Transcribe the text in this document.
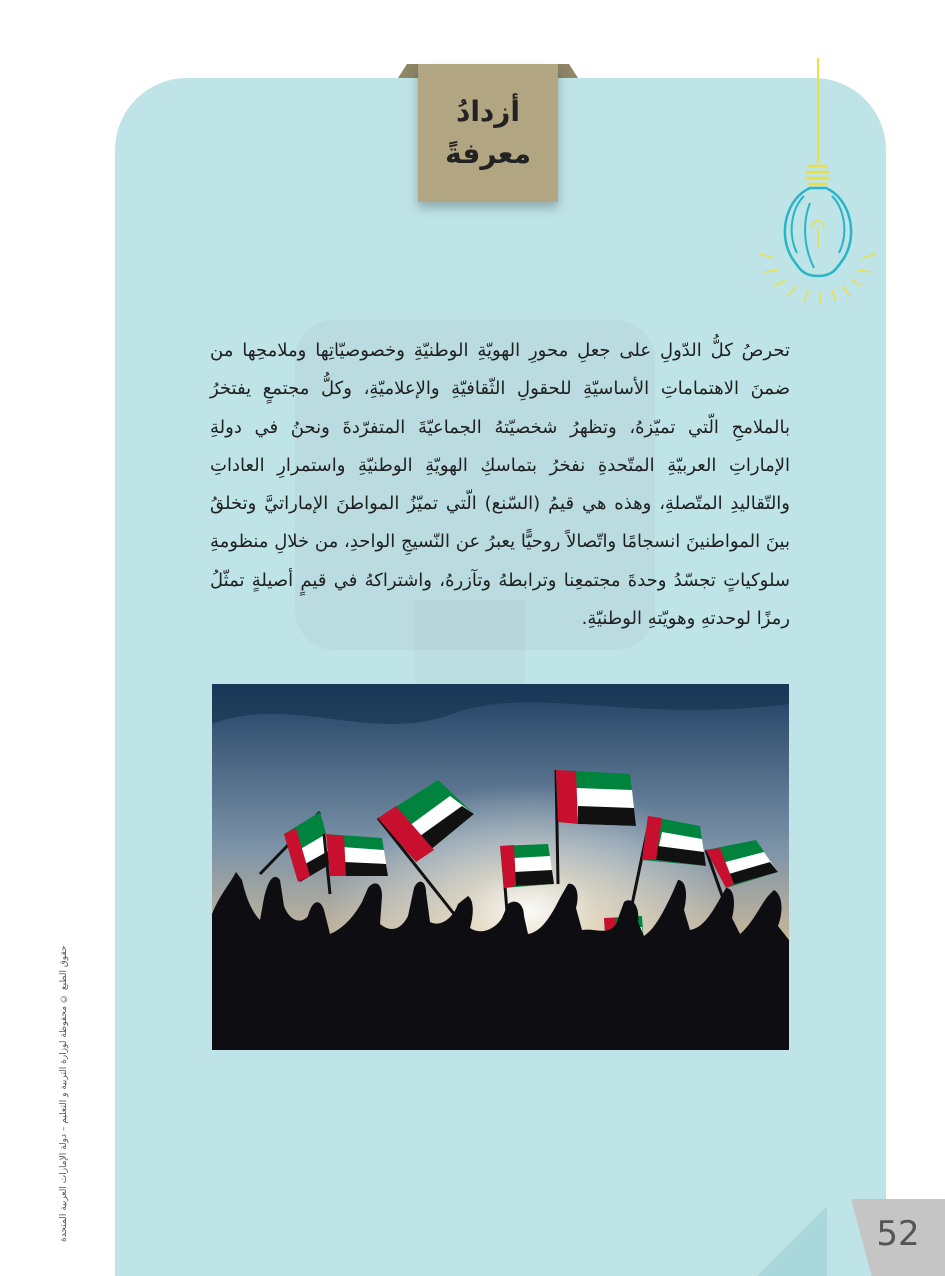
أزدادُ
معرفةً

تحرصُ كلُّ الدّولِ على جعلِ محورِ الهويّةِ الوطنيّةِ وخصوصيّاتِها وملامحِها من ضمنَ الاهتماماتِ الأساسيّةِ للحقولِ الثّقافيّةِ والإعلاميّةِ، وكلُّ مجتمعٍ يفتخرُ بالملامحِ الّتي تميّزهُ، وتظهرُ شخصيّتهُ الجماعيّةَ المتفرّدةَ ونحنُ في دولةِ الإماراتِ العربيّةِ المتّحدةِ نفخرُ بتماسكِ الهويّةِ الوطنيّةِ واستمرارِ العاداتِ والتّقاليدِ المتّصلةِ، وهذه هي قيمُ (السّنع) الّتي تميّزُ المواطنَ الإماراتيَّ وتخلقُ بينَ المواطنينَ انسجامًا واتّصالاً روحيًّا يعبرُ عن النّسيجِ الواحدِ، من خلالِ منظومةِ سلوكياتٍ تجسّدُ وحدةَ مجتمعِنا وترابطهُ وتآزرهُ، واشتراكهُ في قيمٍ أصيلةٍ تمثّلُ رمزًا لوحدتهِ وهويّتهِ الوطنيّةِ.

حقوق الطبع © محفوظة لوزارة التربية و التعليم – دولة الإمارات العربية المتحدة	52
